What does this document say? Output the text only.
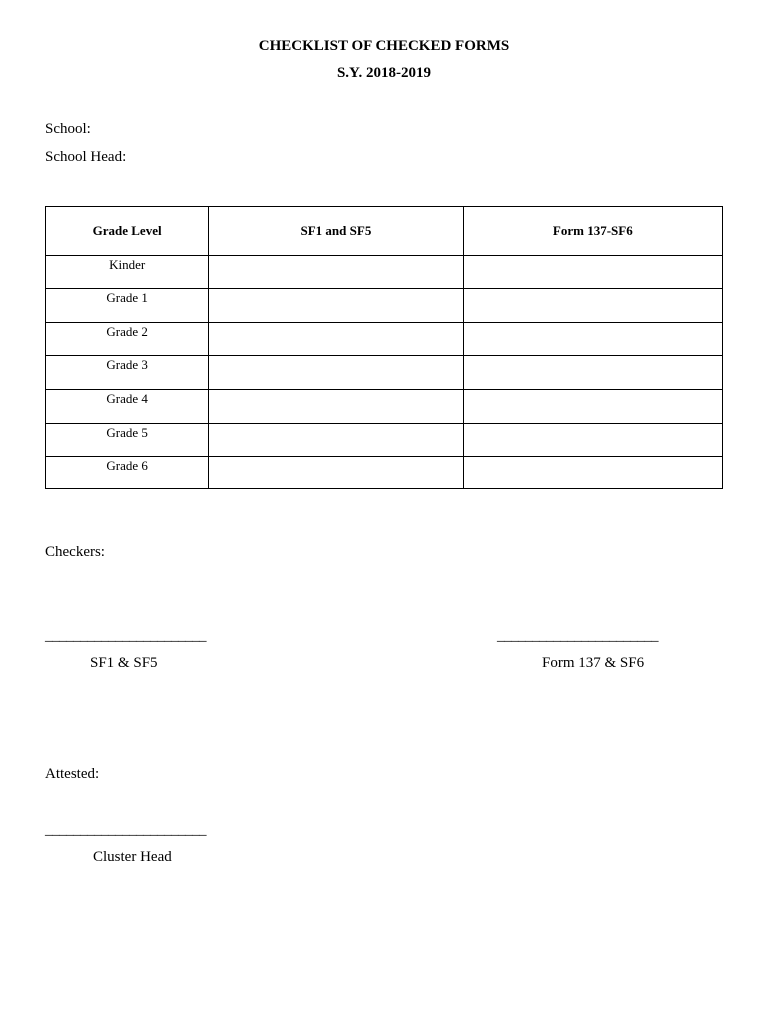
CHECKLIST OF CHECKED FORMS
S.Y. 2018-2019
School:
School Head:
Grade Level	SF1 and SF5	Form 137-SF6
Kinder		
Grade 1		
Grade 2		
Grade 3		
Grade 4		
Grade 5		
Grade 6		
Checkers:
_______________________	_______________________
SF1 & SF5	Form 137 & SF6
Attested:
_______________________
Cluster Head
